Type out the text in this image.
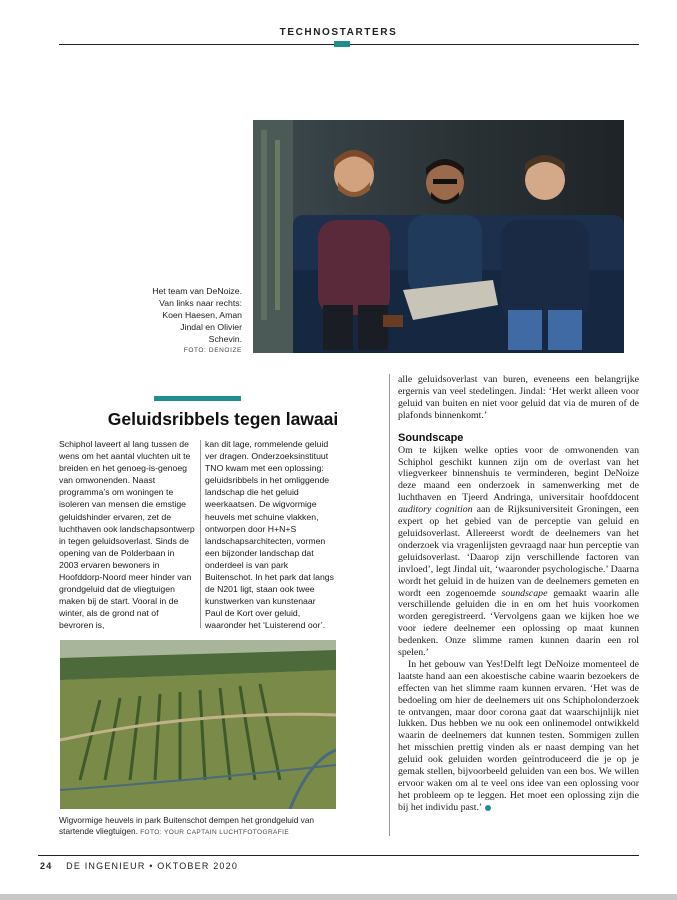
TECHNOSTARTERS
Het team van DeNoize. Van links naar rechts: Koen Haesen, Aman Jindal en Olivier Schevin.
FOTO: DENOIZE
Geluidsribbels tegen lawaai

Schiphol laveert al lang tussen de wens om het aantal vluchten uit te breiden en het genoeg-is-genoeg van omwonenden. Naast programma’s om woningen te isoleren van mensen die emstige geluidshinder ervaren, zet de luchthaven ook landschapsontwerp in tegen geluidsoverlast. Sinds de opening van de Polderbaan in 2003 ervaren bewoners in Hoofddorp-Noord meer hinder van grondgeluid dat de vliegtuigen maken bij de start. Vooral in de winter, als de grond nat of bevroren is,

kan dit lage, rommelende geluid ver dragen. Onderzoeksinstituut TNO kwam met een oplossing: geluidsribbels in het omliggende landschap die het geluid weerkaatsen. De wigvormige heuvels met schuine vlakken, ontworpen door H+N+S landschapsarchitecten, vormen een bijzonder landschap dat onderdeel is van park Buitenschot. In het park dat langs de N201 ligt, staan ook twee kunstwerken van kunstenaar Paul de Kort over geluid, waaronder het ‘Luisterend oor’.

Wigvormige heuvels in park Buitenschot dempen het grondgeluid van startende vliegtuigen. FOTO: YOUR CAPTAIN LUCHTFOTOGRAFIE

alle geluidsoverlast van buren, eveneens een belangrijke ergernis van veel stedelingen. Jindal: ‘Het werkt alleen voor geluid van buiten en niet voor geluid dat via de muren of de plafonds binnenkomt.’

Soundscape

Om te kijken welke opties voor de omwonenden van Schiphol geschikt kunnen zijn om de overlast van het vliegverkeer binnenshuis te verminderen, begint DeNoize deze maand een onderzoek in samenwerking met de luchthaven en Tjeerd Andringa, universitair hoofddocent auditory cognition aan de Rijksuniversiteit Groningen, een expert op het gebied van de perceptie van geluid en geluidsoverlast. Allereerst wordt de deelnemers van het onderzoek via vragenlijsten gevraagd naar hun perceptie van geluidsoverlast. ‘Daarop zijn verschillende factoren van invloed’, legt Jindal uit, ‘waaronder psychologische.’ Daarna wordt het geluid in de huizen van de deelnemers gemeten en wordt een zogenoemde soundscape gemaakt waarin alle verschillende geluiden die in en om het huis voorkomen worden geregistreerd. ‘Vervolgens gaan we kijken hoe we voor iedere deelnemer een oplossing op maat kunnen bedenken. Onze slimme ramen kunnen daarin een rol spelen.’

In het gebouw van Yes!Delft legt DeNoize momenteel de laatste hand aan een akoestische cabine waarin bezoekers de effecten van het slimme raam kunnen ervaren. ‘Het was de bedoeling om hier de deelnemers uit ons Schipholonderzoek te ontvangen, maar door corona gaat dat waarschijnlijk niet lukken. Dus hebben we nu ook een onlinemodel ontwikkeld waarin de deelnemers dat kunnen testen. Sommigen zullen het misschien prettig vinden als er naast demping van het geluid ook geluiden worden geïntroduceerd die je op je gemak stellen, bijvoorbeeld geluiden van een bos. We willen ervoor waken om al te veel ons idee van een oplossing voor het probleem op te leggen. Het moet een oplossing zijn die bij het individu past.’

24 DE INGENIEUR • OKTOBER 2020
